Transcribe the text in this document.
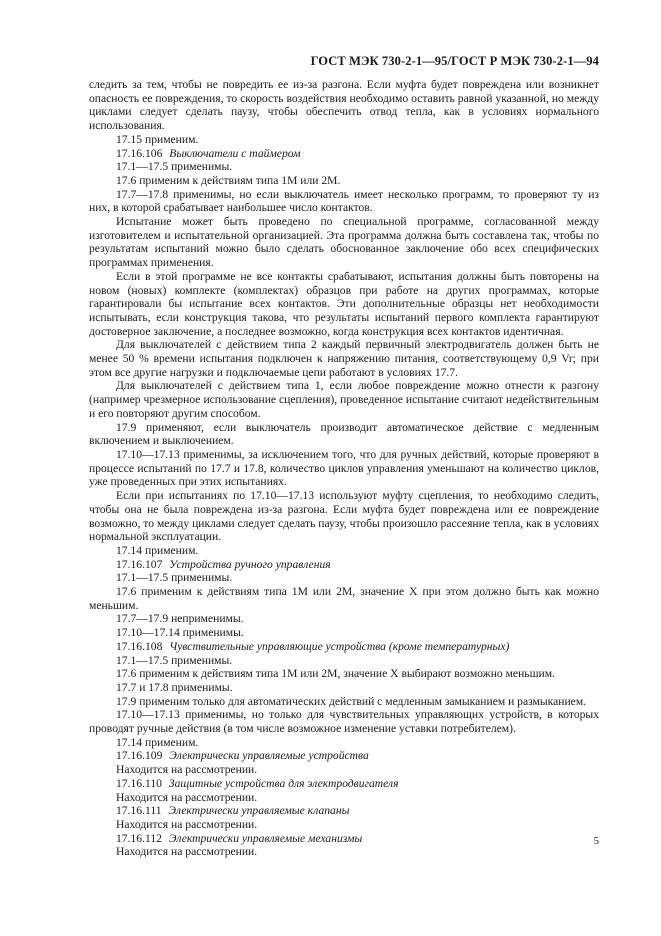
ГОСТ МЭК 730-2-1—95/ГОСТ Р МЭК 730-2-1—94

следить за тем, чтобы не повредить ее из-за разгона. Если муфта будет повреждена или возникнет опасность ее повреждения, то скорость воздействия необходимо оставить равной указанной, но между циклами следует сделать паузу, чтобы обеспечить отвод тепла, как в условиях нормального использования.

17.15 применим.

17.16.106 Выключатели с таймером

17.1—17.5 применимы.

17.6 применим к действиям типа 1М или 2М.

17.7—17.8 применимы, но если выключатель имеет несколько программ, то проверяют ту из них, в которой срабатывает наибольшее число контактов.

Испытание может быть проведено по специальной программе, согласованной между изготовителем и испытательной организацией. Эта программа должна быть составлена так, чтобы по результатам испытаний можно было сделать обоснованное заключение обо всех специфических программах применения.

Если в этой программе не все контакты срабатывают, испытания должны быть повторены на новом (новых) комплекте (комплектах) образцов при работе на других программах, которые гарантировали бы испытание всех контактов. Эти дополнительные образцы нет необходимости испытывать, если конструкция такова, что результаты испытаний первого комплекта гарантируют достоверное заключение, а последнее возможно, когда конструкция всех контактов идентичная.

Для выключателей с действием типа 2 каждый первичный электродвигатель должен быть не менее 50 % времени испытания подключен к напряжению питания, соответствующему 0,9 Vr; при этом все другие нагрузки и подключаемые цепи работают в условиях 17.7.

Для выключателей с действием типа 1, если любое повреждение можно отнести к разгону (например чрезмерное использование сцепления), проведенное испытание считают недействительным и его повторяют другим способом.

17.9 применяют, если выключатель производит автоматическое действие с медленным включением и выключением.

17.10—17.13 применимы, за исключением того, что для ручных действий, которые проверяют в процессе испытаний по 17.7 и 17.8, количество циклов управления уменьшают на количество циклов, уже проведенных при этих испытаниях.

Если при испытаниях по 17.10—17.13 используют муфту сцепления, то необходимо следить, чтобы она не была повреждена из-за разгона. Если муфта будет повреждена или ее повреждение возможно, то между циклами следует сделать паузу, чтобы произошло рассеяние тепла, как в условиях нормальной эксплуатации.

17.14 применим.

17.16.107 Устройства ручного управления

17.1—17.5 применимы.

17.6 применим к действиям типа 1М или 2М, значение X при этом должно быть как можно меньшим.

17.7—17.9 неприменимы.

17.10—17.14 применимы.

17.16.108 Чувствительные управляющие устройства (кроме температурных)

17.1—17.5 применимы.

17.6 применим к действиям типа 1М или 2М, значение X выбирают возможно меньшим.

17.7 и 17.8 применимы.

17.9 применим только для автоматических действий с медленным замыканием и размыканием.

17.10—17.13 применимы, но только для чувствительных управляющих устройств, в которых проводят ручные действия (в том числе возможное изменение уставки потребителем).

17.14 применим.

17.16.109 Электрически управляемые устройства

Находится на рассмотрении.

17.16.110 Защитные устройства для электродвигателя

Находится на рассмотрении.

17.16.111 Электрически управляемые клапаны

Находится на рассмотрении.

17.16.112 Электрически управляемые механизмы

Находится на рассмотрении.

5
